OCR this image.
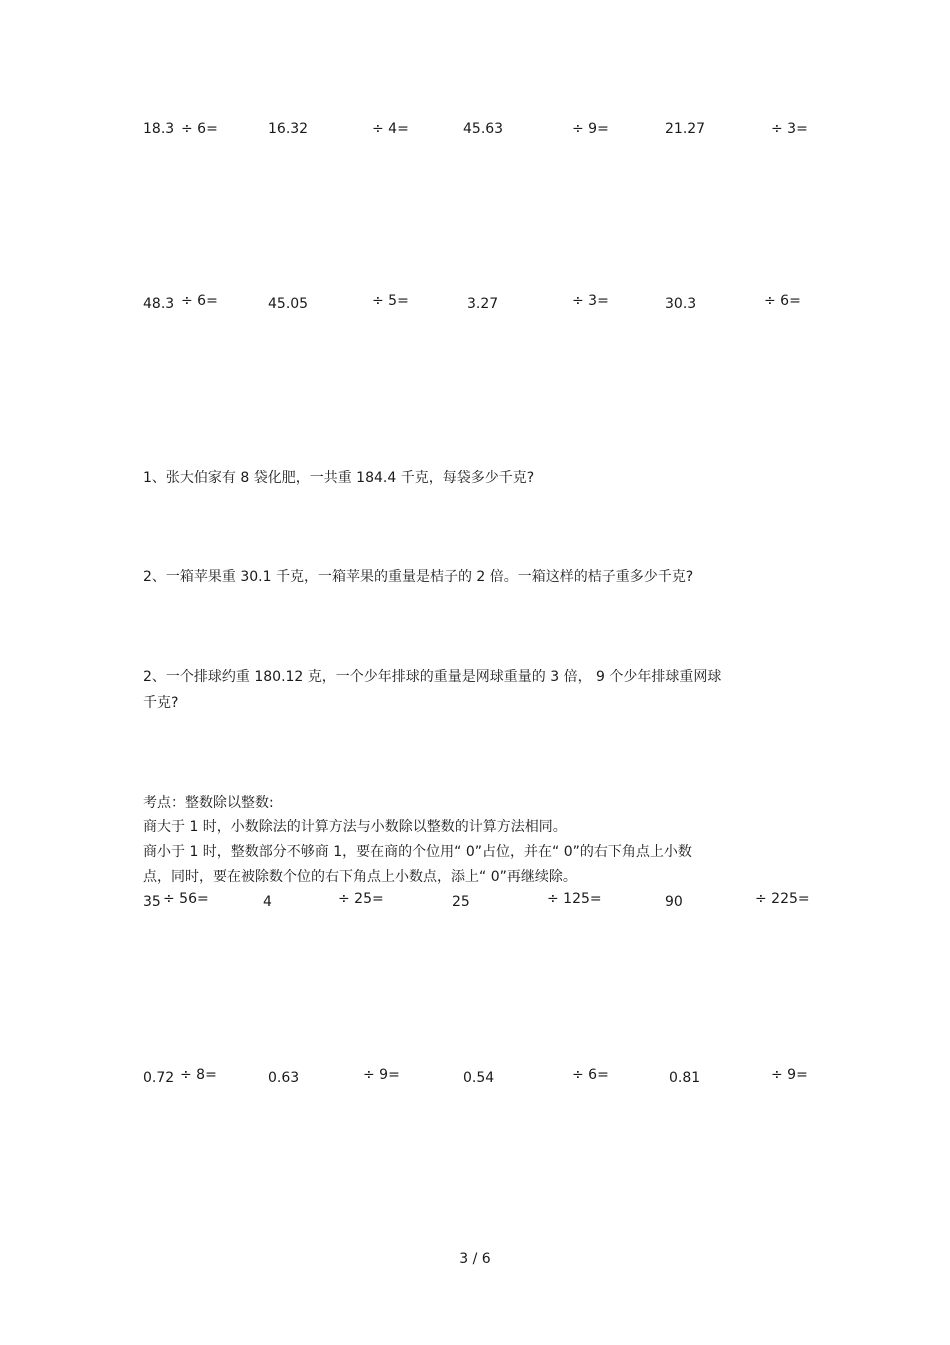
18.3 ÷ 6=	16.32	÷ 4=	45.63	÷ 9=	21.27	÷ 3=
48.3 ÷ 6=	45.05	÷ 5=	3.27	÷ 3=	30.3	÷ 6=
1、张大伯家有 8 袋化肥，一共重 184.4 千克，每袋多少千克?
2、一箱苹果重 30.1 千克，一箱苹果的重量是桔子的 2 倍。一箱这样的桔子重多少千克?
2、一个排球约重 180.12 克，一个少年排球的重量是网球重量的 3 倍， 9 个少年排球重网球
千克?
考点：整数除以整数:
商大于 1 时，小数除法的计算方法与小数除以整数的计算方法相同。
商小于 1 时，整数部分不够商 1，要在商的个位用“ 0”占位，并在“ 0”的右下角点上小数
点，同时，要在被除数个位的右下角点上小数点，添上“ 0”再继续除。
35 ÷ 56=	4	÷ 25=	25	÷ 125=	90	÷ 225=
0.72 ÷ 8=	0.63	÷ 9=	0.54	÷ 6=	0.81	÷ 9=
3 / 6
